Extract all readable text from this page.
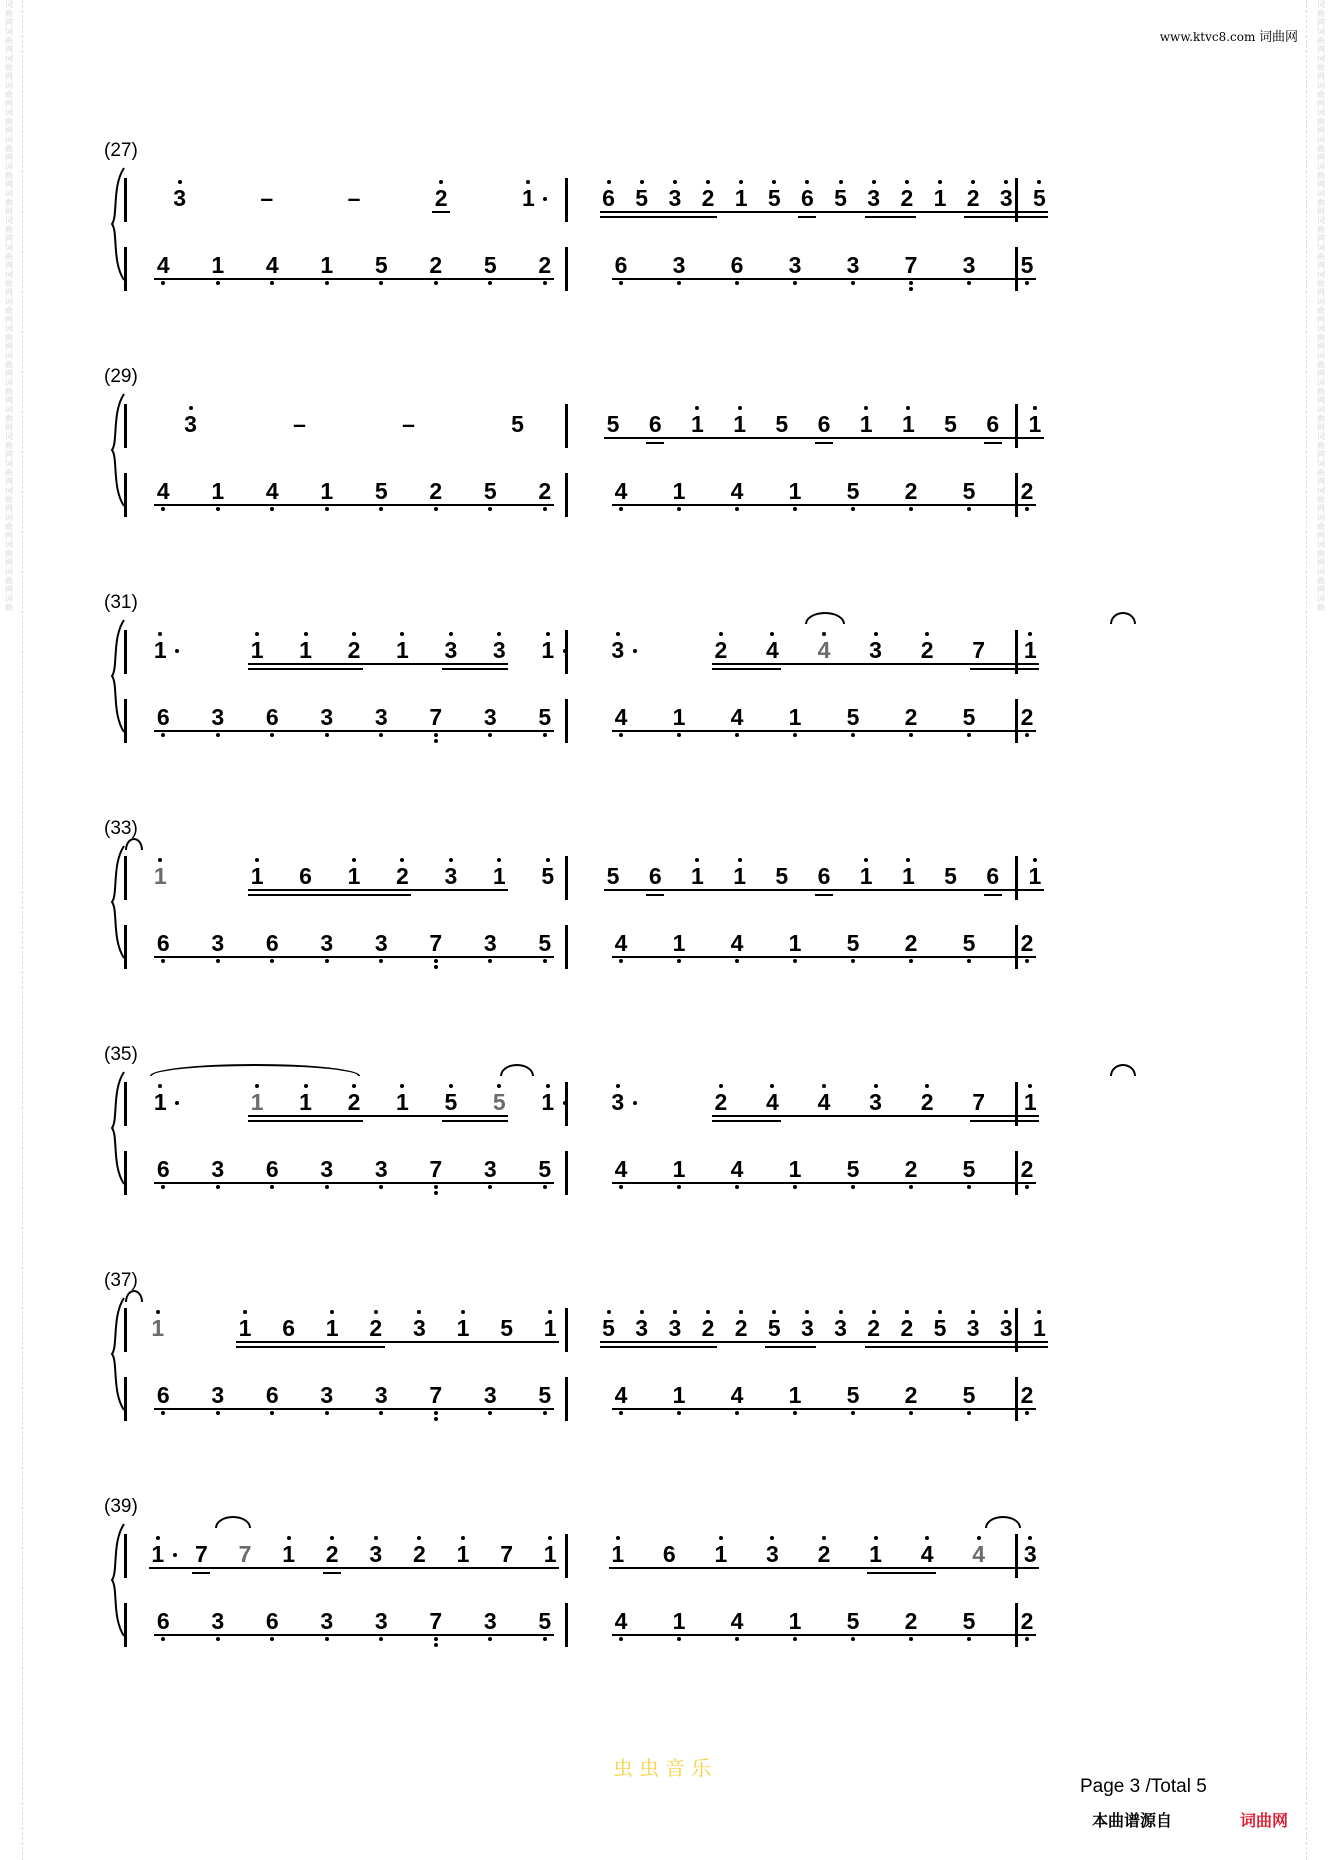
词
曲
网
词
曲
网
词
曲
网
词
曲
网
词
曲
网
词
曲
网
词
曲
网
词
曲
网
词
曲
网
词
曲
网
词
曲
网
词
曲
网
词
曲
网
词
曲
网
词
曲
网
词
曲
网
词
曲
网
词
曲
网
词
曲
网
词
曲
网
词
曲
网
词
曲
网
词
曲
词
曲
网
词
曲
网
词
曲
网
词
曲
网
词
曲
网
词
曲
网
词
曲
网
词
曲
网
词
曲
网
词
曲
网
词
曲
网
词
曲
网
词
曲
网
词
曲
网
词
曲
网
词
曲
网
词
曲
网
词
曲
网
词
曲
网
词
曲
网
词
曲
网
词
曲
网
词
曲
www.ktvc8.com 词曲网
(27)
3	–	–	2	1	6 5 3 2 1 5 6 5 3 2 1 2 3 5
4	1	4	1	5	2	5	2	6	3	6	3	3	7	3	5
(29)
3	–	–	5	5	6	1	1	5	6	1	1	5	6	1
4	1	4	1	5	2	5	2	4	1	4	1	5	2	5	2
(31)
1	1	1	2	1	3	3	1	3	2	4	4	3	2	7	1
6	3	6	3	3	7	3	5	4	1	4	1	5	2	5	2
(33)
1	1	6	1	2	3	1	5	5	6	1	1	5	6	1	1	5	6	1
6	3	6	3	3	7	3	5	4	1	4	1	5	2	5	2
(35)
1	1	1	2	1	5	5	1	3	2	4	4	3	2	7	1
6	3	6	3	3	7	3	5	4	1	4	1	5	2	5	2
(37)
1	1	6	1	2	3	1	5	1	5 3 3 2 2 5 3 3 2 2 5 3 3 1
6	3	6	3	3	7	3	5	4	1	4	1	5	2	5	2
(39)
1	7	7	1	2	3	2	1	7	1	1	6	1	3	2	1	4	4	3
6	3	6	3	3	7	3	5	4	1	4	1	5	2	5	2
虫虫音乐
Page 3 /Total 5
本曲谱源自	词曲网
